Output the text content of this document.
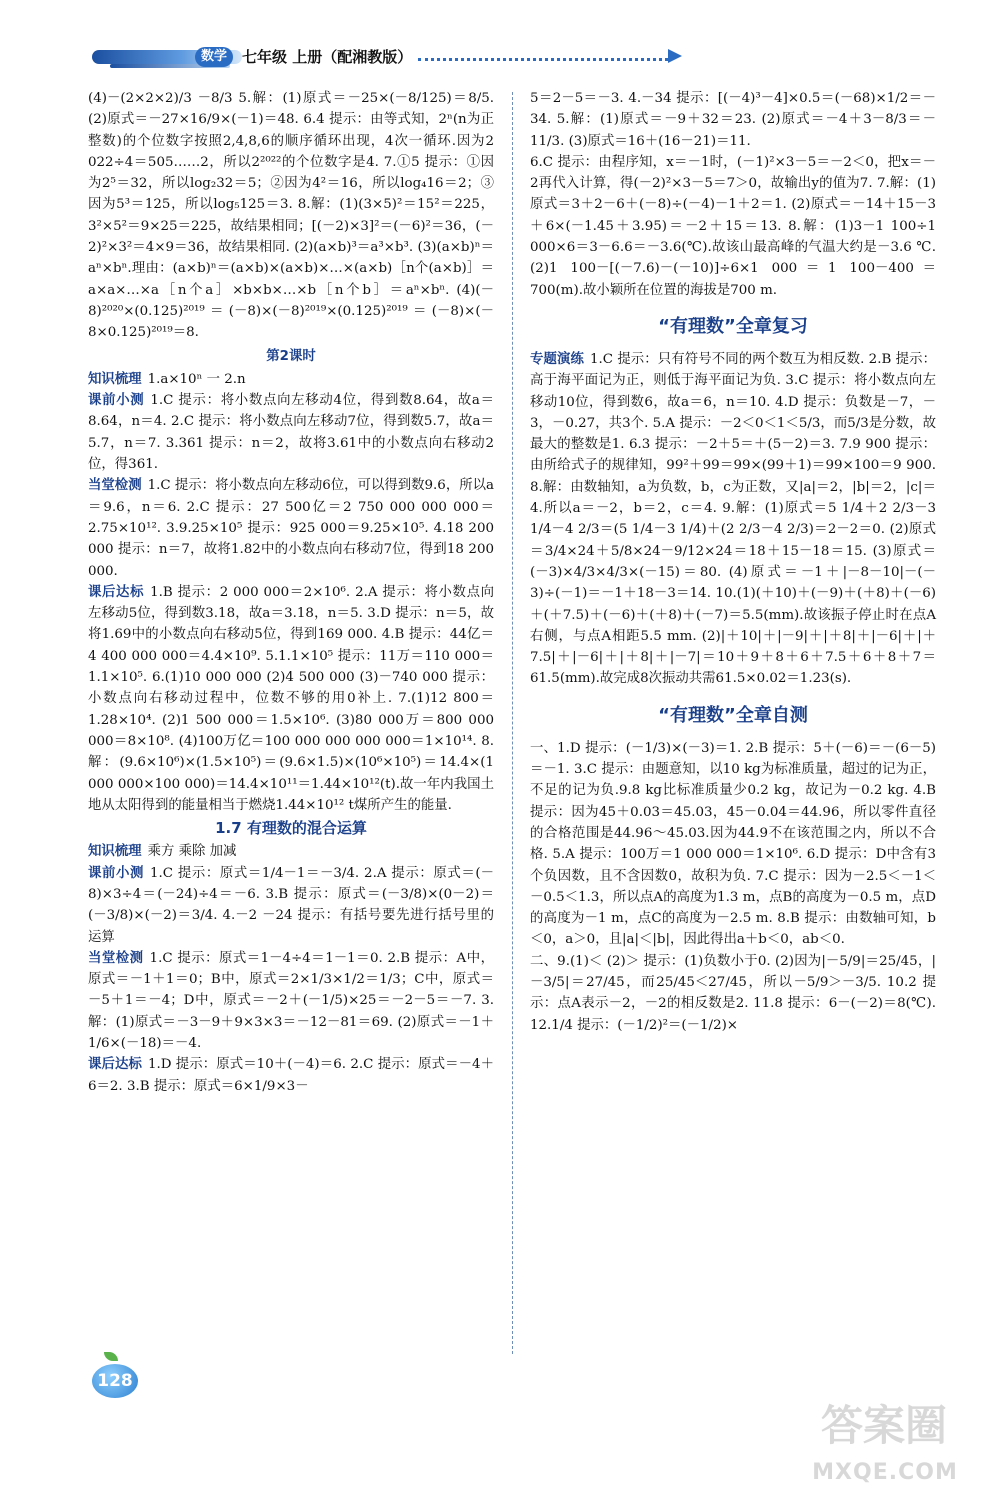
数学 七年级 上册（配湘教版）

(4)－(2×2×2)/3 －8/3 5.解：(1)原式＝－25×(－8/125)＝8/5. (2)原式＝－27×16/9×(－1)＝48. 6.4 提示：由等式知，2ⁿ(n为正整数)的个位数字按照2,4,8,6的顺序循环出现，4次一循环.因为2 022÷4＝505……2，所以2²⁰²²的个位数字是4. 7.①5 提示：①因为2⁵＝32，所以log₂32＝5；②因为4²＝16，所以log₄16＝2；③因为5³＝125，所以log₅125＝3. 8.解：(1)(3×5)²＝15²＝225，3²×5²＝9×25＝225，故结果相同；[(－2)×3]²＝(－6)²＝36，(－2)²×3²＝4×9＝36，故结果相同. (2)(a×b)³＝a³×b³. (3)(a×b)ⁿ＝aⁿ×bⁿ.理由：(a×b)ⁿ＝(a×b)×(a×b)×…×(a×b)［n个(a×b)］＝a×a×…×a［n个a］×b×b×…×b［n个b］＝aⁿ×bⁿ. (4)(－8)²⁰²⁰×(0.125)²⁰¹⁹＝(－8)×(－8)²⁰¹⁹×(0.125)²⁰¹⁹＝(－8)×(－8×0.125)²⁰¹⁹＝8.

第2课时

知识梳理 1.a×10ⁿ 一 2.n

课前小测 1.C 提示：将小数点向左移动4位，得到数8.64，故a＝8.64，n＝4. 2.C 提示：将小数点向左移动7位，得到数5.7，故a＝5.7，n＝7. 3.361 提示：n＝2，故将3.61中的小数点向右移动2位，得361.

当堂检测 1.C 提示：将小数点向左移动6位，可以得到数9.6，所以a＝9.6，n＝6. 2.C 提示：27 500亿＝2 750 000 000 000＝2.75×10¹². 3.9.25×10⁵ 提示：925 000＝9.25×10⁵. 4.18 200 000 提示：n＝7，故将1.82中的小数点向右移动7位，得到18 200 000.

课后达标 1.B 提示：2 000 000＝2×10⁶. 2.A 提示：将小数点向左移动5位，得到数3.18，故a＝3.18，n＝5. 3.D 提示：n＝5，故将1.69中的小数点向右移动5位，得到169 000. 4.B 提示：44亿＝4 400 000 000＝4.4×10⁹. 5.1.1×10⁵ 提示：11万＝110 000＝1.1×10⁵. 6.(1)10 000 000 (2)4 500 000 (3)－740 000 提示：小数点向右移动过程中，位数不够的用0补上. 7.(1)12 800＝1.28×10⁴. (2)1 500 000＝1.5×10⁶. (3)80 000万＝800 000 000＝8×10⁸. (4)100万亿＝100 000 000 000 000＝1×10¹⁴. 8.解：(9.6×10⁶)×(1.5×10⁵)＝(9.6×1.5)×(10⁶×10⁵)＝14.4×(1 000 000×100 000)＝14.4×10¹¹＝1.44×10¹²(t).故一年内我国土地从太阳得到的能量相当于燃烧1.44×10¹² t煤所产生的能量.

1.7 有理数的混合运算

知识梳理 乘方 乘除 加减

课前小测 1.C 提示：原式＝1/4－1＝－3/4. 2.A 提示：原式＝(－8)×3÷4＝(－24)÷4＝－6. 3.B 提示：原式＝(－3/8)×(0－2)＝(－3/8)×(－2)＝3/4. 4.－2 －24 提示：有括号要先进行括号里的运算

当堂检测 1.C 提示：原式＝1－4÷4＝1－1＝0. 2.B 提示：A中，原式＝－1＋1＝0；B中，原式＝2×1/3×1/2＝1/3；C中，原式＝－5＋1＝－4；D中，原式＝－2＋(－1/5)×25＝－2－5＝－7. 3.解：(1)原式＝－3－9＋9×3×3＝－12－81＝69. (2)原式＝－1＋1/6×(－18)＝－4.

课后达标 1.D 提示：原式＝10＋(－4)＝6. 2.C 提示：原式＝－4＋6＝2. 3.B 提示：原式＝6×1/9×3－

5＝2－5＝－3. 4.－34 提示：[(－4)³－4]×0.5＝(－68)×1/2＝－34. 5.解：(1)原式＝－9＋32＝23. (2)原式＝－4＋3－8/3＝－11/3. (3)原式＝16＋(16－21)＝11.

6.C 提示：由程序知，x＝－1时，(－1)²×3－5＝－2＜0，把x＝－2再代入计算，得(－2)²×3－5＝7＞0，故输出y的值为7. 7.解：(1)原式＝3＋2－6＋(－8)÷(－4)－1＋2＝1. (2)原式＝－14＋15－3＋6×(－1.45＋3.95)＝－2＋15＝13. 8.解：(1)3－1 100÷1 000×6＝3－6.6＝－3.6(℃).故该山最高峰的气温大约是－3.6 ℃. (2)1 100－[(－7.6)－(－10)]÷6×1 000＝1 100－400＝700(m).故小颖所在位置的海拔是700 m.

“有理数”全章复习

专题演练 1.C 提示：只有符号不同的两个数互为相反数. 2.B 提示：高于海平面记为正，则低于海平面记为负. 3.C 提示：将小数点向左移动10位，得到数6，故a＝6，n＝10. 4.D 提示：负数是－7，－3，－0.27，共3个. 5.A 提示：－2＜0＜1＜5/3，而5/3是分数，故最大的整数是1. 6.3 提示：－2＋5＝＋(5－2)＝3. 7.9 900 提示：由所给式子的规律知，99²＋99＝99×(99＋1)＝99×100＝9 900. 8.解：由数轴知，a为负数，b，c为正数，又|a|＝2，|b|＝2，|c|＝4.所以a＝－2，b＝2，c＝4. 9.解：(1)原式＝5 1/4＋2 2/3－3 1/4－4 2/3＝(5 1/4－3 1/4)＋(2 2/3－4 2/3)＝2－2＝0. (2)原式＝3/4×24＋5/8×24－9/12×24＝18＋15－18＝15. (3)原式＝(－3)×4/3×4/3×(－15)＝80. (4)原式＝－1＋|－8－10|－(－3)÷(－1)＝－1＋18－3＝14. 10.(1)(＋10)＋(－9)＋(＋8)＋(－6)＋(＋7.5)＋(－6)＋(＋8)＋(－7)＝5.5(mm).故该振子停止时在点A右侧，与点A相距5.5 mm. (2)|＋10|＋|－9|＋|＋8|＋|－6|＋|＋7.5|＋|－6|＋|＋8|＋|－7|＝10＋9＋8＋6＋7.5＋6＋8＋7＝61.5(mm).故完成8次振动共需61.5×0.02＝1.23(s).

“有理数”全章自测

一、1.D 提示：(－1/3)×(－3)＝1. 2.B 提示：5＋(－6)＝－(6－5)＝－1. 3.C 提示：由题意知，以10 kg为标准质量，超过的记为正，不足的记为负.9.8 kg比标准质量少0.2 kg，故记为－0.2 kg. 4.B 提示：因为45＋0.03＝45.03，45－0.04＝44.96，所以零件直径的合格范围是44.96～45.03.因为44.9不在该范围之内，所以不合格. 5.A 提示：100万＝1 000 000＝1×10⁶. 6.D 提示：D中含有3个负因数，且不含因数0，故积为负. 7.C 提示：因为－2.5＜－1＜－0.5＜1.3，所以点A的高度为1.3 m，点B的高度为－0.5 m，点D的高度为－1 m，点C的高度为－2.5 m. 8.B 提示：由数轴可知，b＜0，a＞0，且|a|＜|b|，因此得出a＋b＜0，ab＜0.

二、9.(1)＜ (2)＞ 提示：(1)负数小于0. (2)因为|－5/9|＝25/45，|－3/5|＝27/45，而25/45＜27/45，所以－5/9＞－3/5. 10.2 提示：点A表示－2，－2的相反数是2. 11.8 提示：6－(－2)＝8(℃). 12.1/4 提示：(－1/2)²＝(－1/2)×

128
答案圈
MXQE.COM
